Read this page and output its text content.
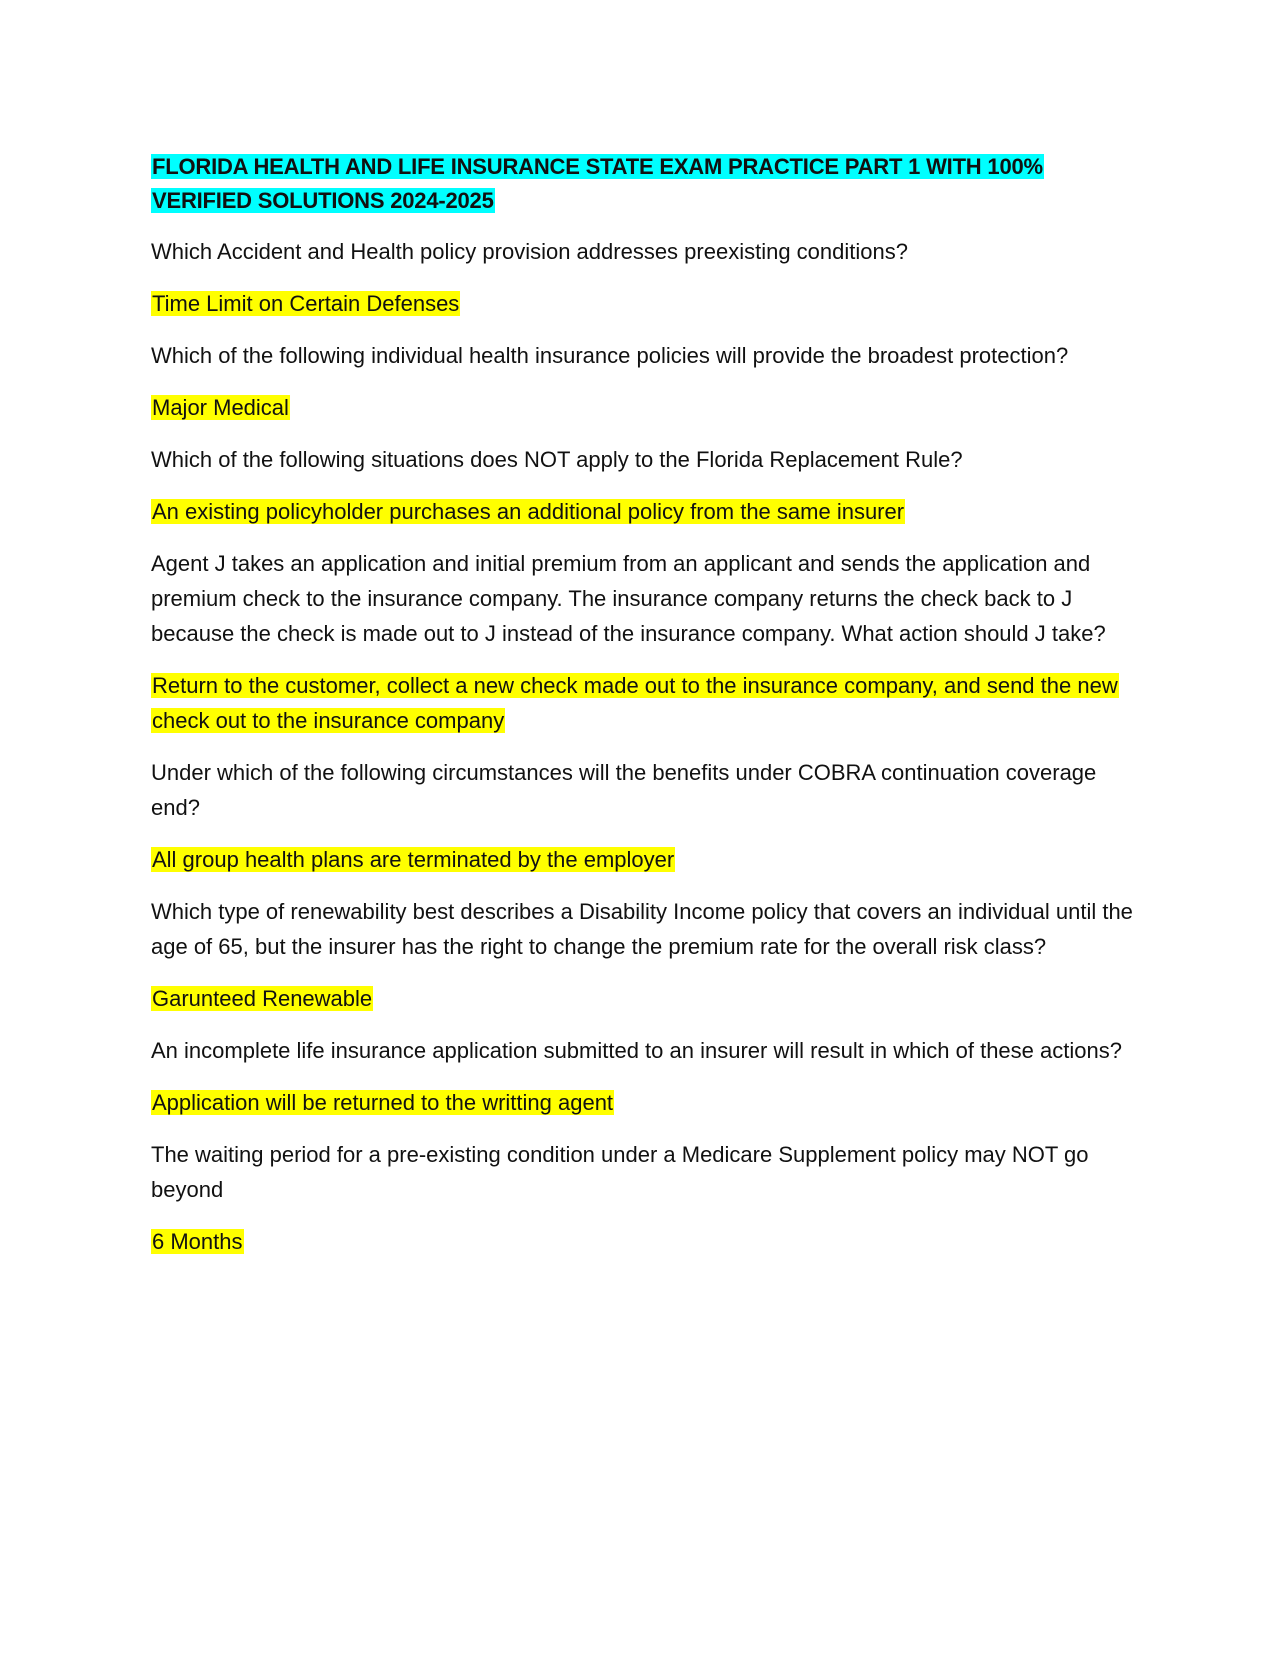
FLORIDA HEALTH AND LIFE INSURANCE STATE EXAM PRACTICE PART 1 WITH 100% VERIFIED SOLUTIONS 2024-2025

Which Accident and Health policy provision addresses preexisting conditions?

Time Limit on Certain Defenses

Which of the following individual health insurance policies will provide the broadest protection?

Major Medical

Which of the following situations does NOT apply to the Florida Replacement Rule?

An existing policyholder purchases an additional policy from the same insurer

Agent J takes an application and initial premium from an applicant and sends the application and premium check to the insurance company. The insurance company returns the check back to J because the check is made out to J instead of the insurance company. What action should J take?

Return to the customer, collect a new check made out to the insurance company, and send the new check out to the insurance company

Under which of the following circumstances will the benefits under COBRA continuation coverage end?

All group health plans are terminated by the employer

Which type of renewability best describes a Disability Income policy that covers an individual until the age of 65, but the insurer has the right to change the premium rate for the overall risk class?

Garunteed Renewable

An incomplete life insurance application submitted to an insurer will result in which of these actions?

Application will be returned to the writting agent

The waiting period for a pre-existing condition under a Medicare Supplement policy may NOT go beyond

6 Months
